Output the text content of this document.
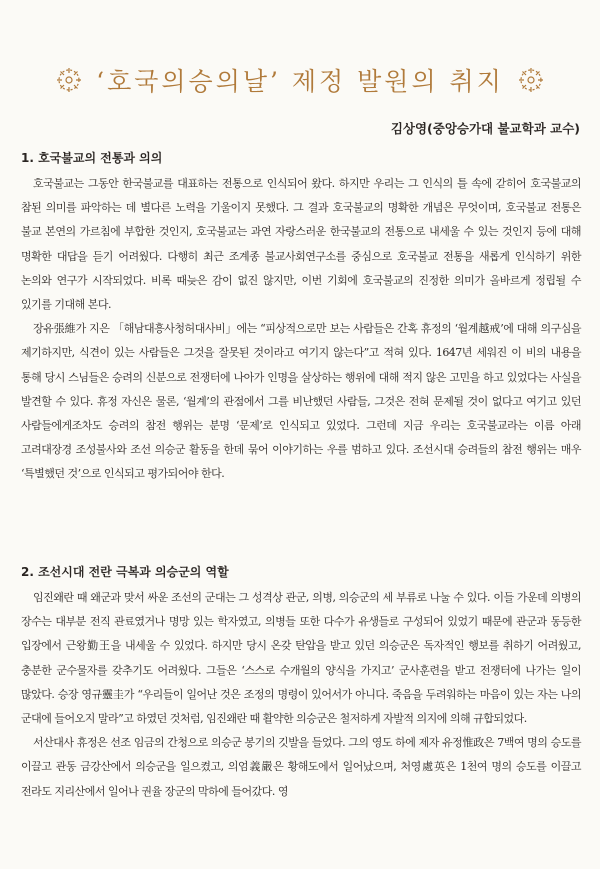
‘호국의승의날’ 제정 발원의 취지
김상영(중앙승가대 불교학과 교수)
1. 호국불교의 전통과 의의

호국불교는 그동안 한국불교를 대표하는 전통으로 인식되어 왔다. 하지만 우리는 그 인식의 틀 속에 갇히어 호국불교의 참된 의미를 파악하는 데 별다른 노력을 기울이지 못했다. 그 결과 호국불교의 명확한 개념은 무엇이며, 호국불교 전통은 불교 본연의 가르침에 부합한 것인지, 호국불교는 과연 자랑스러운 한국불교의 전통으로 내세울 수 있는 것인지 등에 대해 명확한 대답을 듣기 어려웠다. 다행히 최근 조계종 불교사회연구소를 중심으로 호국불교 전통을 새롭게 인식하기 위한 논의와 연구가 시작되었다. 비록 때늦은 감이 없진 않지만, 이번 기회에 호국불교의 진정한 의미가 올바르게 정립될 수 있기를 기대해 본다.

장유張維가 지은 「해남대흥사청허대사비」에는 “피상적으로만 보는 사람들은 간혹 휴정의 ‘월계越戒’에 대해 의구심을 제기하지만, 식견이 있는 사람들은 그것을 잘못된 것이라고 여기지 않는다”고 적혀 있다. 1647년 세워진 이 비의 내용을 통해 당시 스님들은 승려의 신분으로 전쟁터에 나아가 인명을 살상하는 행위에 대해 적지 않은 고민을 하고 있었다는 사실을 발견할 수 있다. 휴정 자신은 물론, ‘월계’의 관점에서 그를 비난했던 사람들, 그것은 전혀 문제될 것이 없다고 여기고 있던 사람들에게조차도 승려의 참전 행위는 분명 ‘문제’로 인식되고 있었다. 그런데 지금 우리는 호국불교라는 이름 아래 고려대장경 조성불사와 조선 의승군 활동을 한데 묶어 이야기하는 우를 범하고 있다. 조선시대 승려들의 참전 행위는 매우 ‘특별했던 것’으로 인식되고 평가되어야 한다.

2. 조선시대 전란 극복과 의승군의 역할

임진왜란 때 왜군과 맞서 싸운 조선의 군대는 그 성격상 관군, 의병, 의승군의 세 부류로 나눌 수 있다. 이들 가운데 의병의 장수는 대부분 전직 관료였거나 명망 있는 학자였고, 의병들 또한 다수가 유생들로 구성되어 있었기 때문에 관군과 동등한 입장에서 근왕勤王을 내세울 수 있었다. 하지만 당시 온갖 탄압을 받고 있던 의승군은 독자적인 행보를 취하기 어려웠고, 충분한 군수물자를 갖추기도 어려웠다. 그들은 ‘스스로 수개월의 양식을 가지고’ 군사훈련을 받고 전쟁터에 나가는 일이 많았다. 승장 영규靈圭가 “우리들이 일어난 것은 조정의 명령이 있어서가 아니다. 죽음을 두려워하는 마음이 있는 자는 나의 군대에 들어오지 말라”고 하였던 것처럼, 임진왜란 때 활약한 의승군은 철저하게 자발적 의지에 의해 규합되었다.

서산대사 휴정은 선조 임금의 간청으로 의승군 봉기의 깃발을 들었다. 그의 영도 하에 제자 유정惟政은 7백여 명의 승도를 이끌고 관동 금강산에서 의승군을 일으켰고, 의엄義嚴은 황해도에서 일어났으며, 처영處英은 1천여 명의 승도를 이끌고 전라도 지리산에서 일어나 권율 장군의 막하에 들어갔다. 영
